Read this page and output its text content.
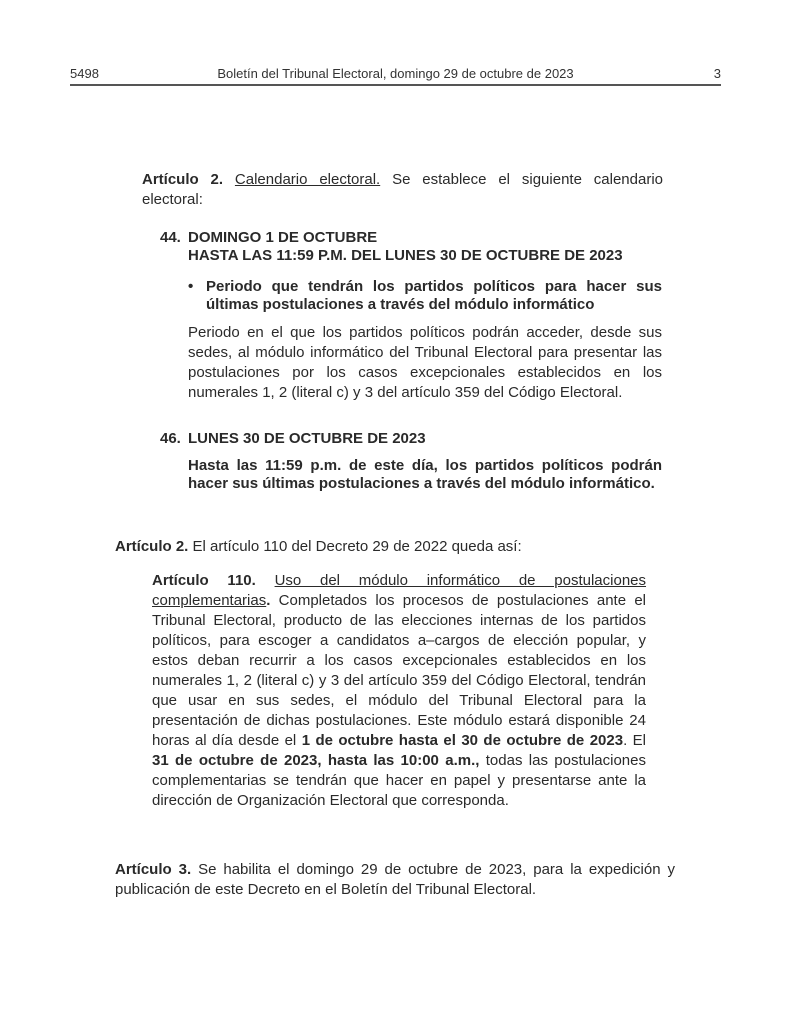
5498	Boletín del Tribunal Electoral, domingo 29 de octubre de 2023	3
Artículo 2. Calendario electoral. Se establece el siguiente calendario electoral:
44. DOMINGO 1 DE OCTUBRE
HASTA LAS 11:59 P.M. DEL LUNES 30 DE OCTUBRE DE 2023
• Periodo que tendrán los partidos políticos para hacer sus últimas postulaciones a través del módulo informático
Periodo en el que los partidos políticos podrán acceder, desde sus sedes, al módulo informático del Tribunal Electoral para presentar las postulaciones por los casos excepcionales establecidos en los numerales 1, 2 (literal c) y 3 del artículo 359 del Código Electoral.
46. LUNES 30 DE OCTUBRE DE 2023
Hasta las 11:59 p.m. de este día, los partidos políticos podrán hacer sus últimas postulaciones a través del módulo informático.
Artículo 2. El artículo 110 del Decreto 29 de 2022 queda así:
Artículo 110. Uso del módulo informático de postulaciones complementarias. Completados los procesos de postulaciones ante el Tribunal Electoral, producto de las elecciones internas de los partidos políticos, para escoger a candidatos a–cargos de elección popular, y estos deban recurrir a los casos excepcionales establecidos en los numerales 1, 2 (literal c) y 3 del artículo 359 del Código Electoral, tendrán que usar en sus sedes, el módulo del Tribunal Electoral para la presentación de dichas postulaciones. Este módulo estará disponible 24 horas al día desde el 1 de octubre hasta el 30 de octubre de 2023. El 31 de octubre de 2023, hasta las 10:00 a.m., todas las postulaciones complementarias se tendrán que hacer en papel y presentarse ante la dirección de Organización Electoral que corresponda.
Artículo 3. Se habilita el domingo 29 de octubre de 2023, para la expedición y publicación de este Decreto en el Boletín del Tribunal Electoral.
